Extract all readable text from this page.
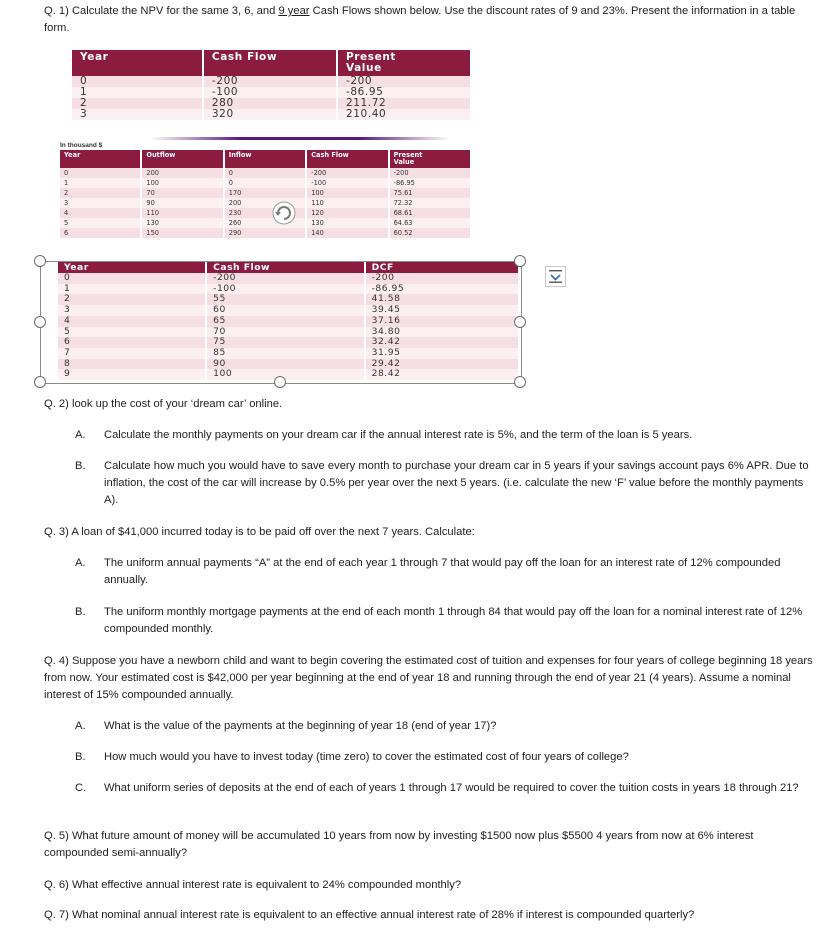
Q. 1) Calculate the NPV for the same 3, 6, and 9 year Cash Flows shown below. Use the discount rates of 9 and 23%. Present the information in a table form.
Year	Cash Flow	Present
Value
0	-200	-200
1	-100	-86.95
2	280	211.72
3	320	210.40
In thousand $
Year	Outflow	Inflow	Cash Flow	Present
Value
0	200	0	-200	-200
1	100	0	-100	-86.95
2	70	170	100	75.61
3	90	200	110	72.32
4	110	230	120	68.61
5	130	260	130	64.63
6	150	290	140	60.52
Year	Cash Flow	DCF
0	-200	-200
1	-100	-86.95
2	55	41.58
3	60	39.45
4	65	37.16
5	70	34.80
6	75	32.42
7	85	31.95
8	90	29.42
9	100	28.42
Q. 2) look up the cost of your ‘dream car’ online.
A. Calculate the monthly payments on your dream car if the annual interest rate is 5%, and the term of the loan is 5 years.
B. Calculate how much you would have to save every month to purchase your dream car in 5 years if your savings account pays 6% APR. Due to inflation, the cost of the car will increase by 0.5% per year over the next 5 years. (i.e. calculate the new ‘F’ value before the monthly payments A).
Q. 3) A loan of $41,000 incurred today is to be paid off over the next 7 years. Calculate:
A. The uniform annual payments “A” at the end of each year 1 through 7 that would pay off the loan for an interest rate of 12% compounded annually.
B. The uniform monthly mortgage payments at the end of each month 1 through 84 that would pay off the loan for a nominal interest rate of 12% compounded monthly.
Q. 4) Suppose you have a newborn child and want to begin covering the estimated cost of tuition and expenses for four years of college beginning 18 years from now. Your estimated cost is $42,000 per year beginning at the end of year 18 and running through the end of year 21 (4 years). Assume a nominal interest of 15% compounded annually.
A. What is the value of the payments at the beginning of year 18 (end of year 17)?
B. How much would you have to invest today (time zero) to cover the estimated cost of four years of college?
C. What uniform series of deposits at the end of each of years 1 through 17 would be required to cover the tuition costs in years 18 through 21?
Q. 5) What future amount of money will be accumulated 10 years from now by investing $1500 now plus $5500 4 years from now at 6% interest compounded semi-annually?
Q. 6) What effective annual interest rate is equivalent to 24% compounded monthly?
Q. 7) What nominal annual interest rate is equivalent to an effective annual interest rate of 28% if interest is compounded quarterly?
